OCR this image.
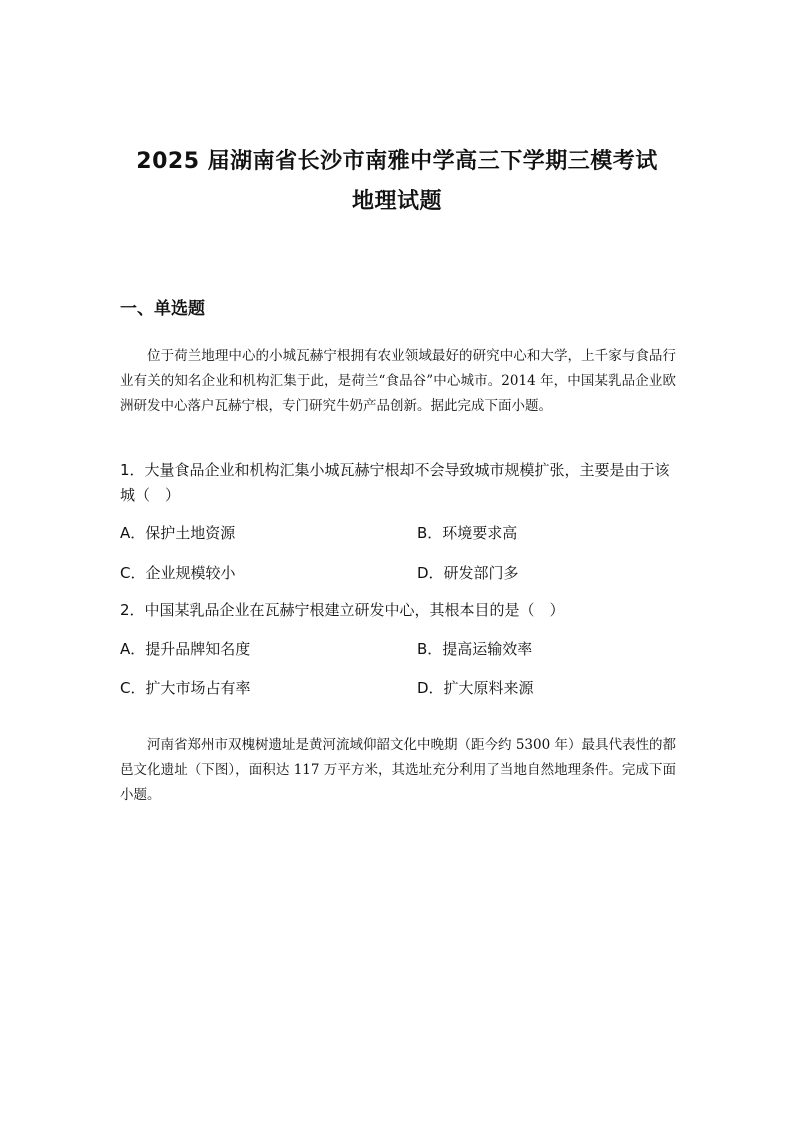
2025 届湖南省长沙市南雅中学高三下学期三模考试
地理试题
一、单选题
位于荷兰地理中心的小城瓦赫宁根拥有农业领域最好的研究中心和大学，上千家与食品行业有关的知名企业和机构汇集于此，是荷兰“食品谷”中心城市。2014 年，中国某乳品企业欧洲研发中心落户瓦赫宁根，专门研究牛奶产品创新。据此完成下面小题。
1．大量食品企业和机构汇集小城瓦赫宁根却不会导致城市规模扩张，主要是由于该城（　）
A．保护土地资源	B．环境要求高
C．企业规模较小	D．研发部门多
2．中国某乳品企业在瓦赫宁根建立研发中心，其根本目的是（　）
A．提升品牌知名度	B．提高运输效率
C．扩大市场占有率	D．扩大原料来源
河南省郑州市双槐树遗址是黄河流域仰韶文化中晚期（距今约 5300 年）最具代表性的都邑文化遗址（下图），面积达 117 万平方米，其选址充分利用了当地自然地理条件。完成下面小题。
